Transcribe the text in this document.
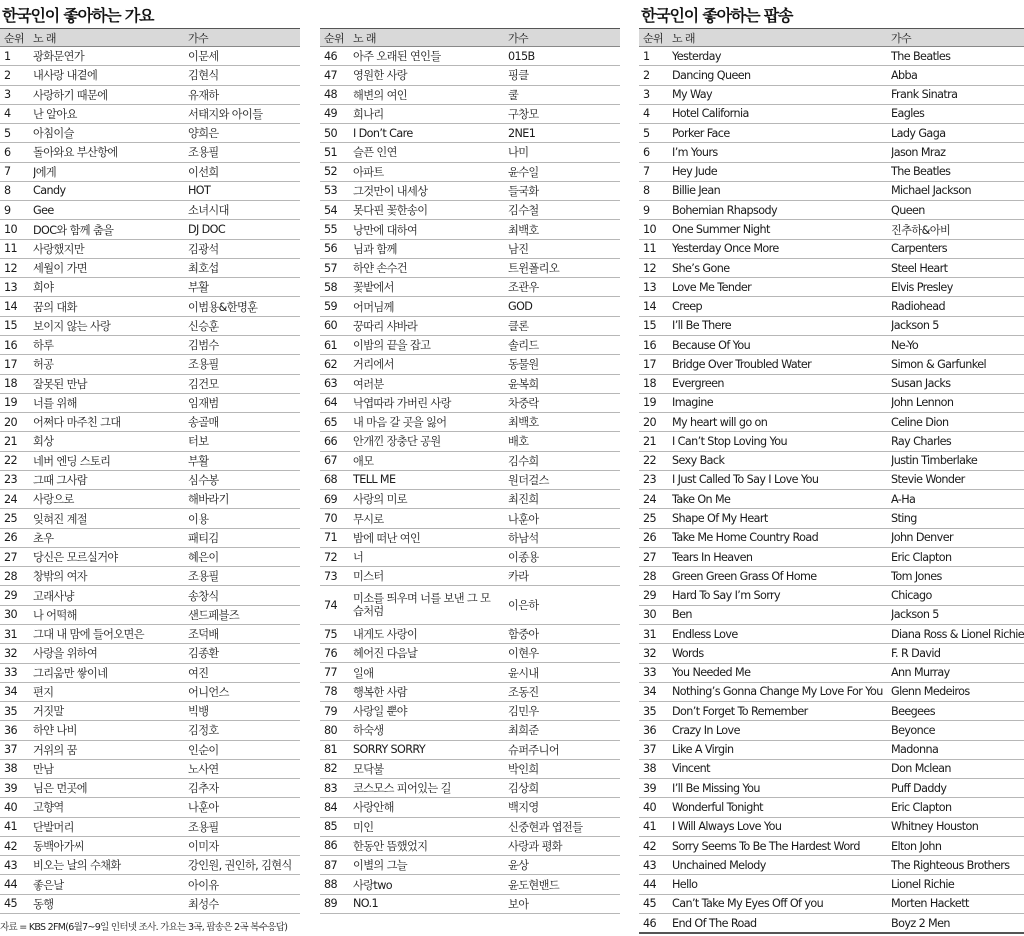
한국인이 좋아하는 가요	한국인이 좋아하는 팝송
순위 노 래	가수
1	광화문연가	이문세
2	내사랑 내곁에	김현식
3	사랑하기 때문에	유재하
4	난 알아요	서태지와 아이들
5	아침이슬	양희은
6	돌아와요 부산항에	조용필
7	J에게	이선희
8	Candy	HOT
9	Gee	소녀시대
10	DOC와 함께 춤을	DJ DOC
11	사랑했지만	김광석
12	세월이 가면	최호섭
13	희야	부활
14	꿈의 대화	이범용&한명훈
15	보이지 않는 사랑	신승훈
16	하루	김범수
17	허공	조용필
18	잘못된 만남	김건모
19	너를 위해	임재범
20	어쩌다 마주친 그대	송골매
21	회상	터보
22	네버 엔딩 스토리	부활
23	그때 그사람	심수봉
24	사랑으로	해바라기
25	잊혀진 계절	이용
26	초우	패티김
27	당신은 모르실거야	혜은이
28	창밖의 여자	조용필
29	고래사냥	송창식
30	나 어떡해	샌드페블즈
31	그대 내 맘에 들어오면은	조덕배
32	사랑을 위하여	김종환
33	그리움만 쌓이네	여진
34	편지	어니언스
35	거짓말	빅뱅
36	하얀 나비	김정호
37	거위의 꿈	인순이
38	만남	노사연
39	님은 먼곳에	김추자
40	고향역	나훈아
41	단발머리	조용필
42	동백아가씨	이미자
43	비오는 날의 수채화	강인원, 권인하, 김현식
44	좋은날	아이유
45	동행	최성수
순위 노 래	가수
46	아주 오래된 연인들	015B
47	영원한 사랑	핑클
48	해변의 여인	쿨
49	희나리	구창모
50	I Don’t Care	2NE1
51	슬픈 인연	나미
52	아파트	윤수일
53	그것만이 내세상	들국화
54	못다핀 꽃한송이	김수철
55	낭만에 대하여	최백호
56	님과 함께	남진
57	하얀 손수건	트윈폴리오
58	꽃밭에서	조관우
59	어머님께	GOD
60	꿍따리 샤바라	클론
61	이밤의 끝을 잡고	솔리드
62	거리에서	동물원
63	여러분	윤복희
64	낙엽따라 가버린 사랑	차중락
65	내 마음 갈 곳을 잃어	최백호
66	안개낀 장충단 공원	배호
67	애모	김수희
68	TELL ME	원더걸스
69	사랑의 미로	최진희
70	무시로	나훈아
71	밤에 떠난 여인	하남석
72	너	이종용
73	미스터	카라
74	미소를 띄우며 너를 보낸 그 모습처럼	이은하
75	내게도 사랑이	함중아
76	헤어진 다음날	이현우
77	일애	윤시내
78	행복한 사람	조동진
79	사랑일 뿐야	김민우
80	하숙생	최희준
81	SORRY SORRY	슈퍼주니어
82	모닥불	박인희
83	코스모스 피어있는 길	김상희
84	사랑안해	백지영
85	미인	신중현과 엽전들
86	한동안 뜸했었지	사랑과 평화
87	이별의 그늘	윤상
88	사랑two	윤도현밴드
89	NO.1	보아
순위 노 래	가수
1	Yesterday	The Beatles
2	Dancing Queen	Abba
3	My Way	Frank Sinatra
4	Hotel California	Eagles
5	Porker Face	Lady Gaga
6	I’m Yours	Jason Mraz
7	Hey Jude	The Beatles
8	Billie Jean	Michael Jackson
9	Bohemian Rhapsody	Queen
10	One Summer Night	진추하&아비
11	Yesterday Once More	Carpenters
12	She’s Gone	Steel Heart
13	Love Me Tender	Elvis Presley
14	Creep	Radiohead
15	I’ll Be There	Jackson 5
16	Because Of You	Ne-Yo
17	Bridge Over Troubled Water	Simon & Garfunkel
18	Evergreen	Susan Jacks
19	Imagine	John Lennon
20	My heart will go on	Celine Dion
21	I Can’t Stop Loving You	Ray Charles
22	Sexy Back	Justin Timberlake
23	I Just Called To Say I Love You	Stevie Wonder
24	Take On Me	A-Ha
25	Shape Of My Heart	Sting
26	Take Me Home Country Road	John Denver
27	Tears In Heaven	Eric Clapton
28	Green Green Grass Of Home	Tom Jones
29	Hard To Say I’m Sorry	Chicago
30	Ben	Jackson 5
31	Endless Love	Diana Ross & Lionel Richie
32	Words	F. R David
33	You Needed Me	Ann Murray
34	Nothing’s Gonna Change My Love For You Glenn Medeiros
35	Don’t Forget To Remember	Beegees
36	Crazy In Love	Beyonce
37	Like A Virgin	Madonna
38	Vincent	Don Mclean
39	I’ll Be Missing You	Puff Daddy
40	Wonderful Tonight	Eric Clapton
41	I Will Always Love You	Whitney Houston
42	Sorry Seems To Be The Hardest Word	Elton John
43	Unchained Melody	The Righteous Brothers
44	Hello	Lionel Richie
45	Can’t Take My Eyes Off Of you	Morten Hackett
46	End Of The Road	Boyz 2 Men
자료 = KBS 2FM(6월7~9일 인터넷 조사. 가요는 3곡, 팝송은 2곡 복수응답)
